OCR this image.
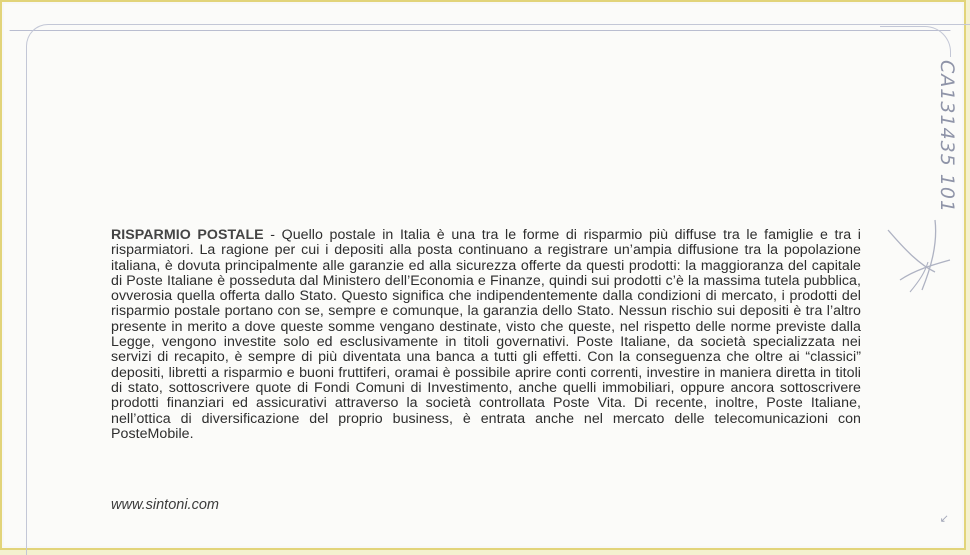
RISPARMIO POSTALE - Quello postale in Italia è una tra le forme di risparmio più diffuse tra le famiglie e tra i risparmiatori. La ragione per cui i depositi alla posta continuano a registrare un’ampia diffusione tra la popolazione italiana, è dovuta principalmente alle garanzie ed alla sicurezza offerte da questi prodotti: la maggioranza del capitale di Poste Italiane è posseduta dal Ministero dell’Economia e Finanze, quindi sui prodotti c’è la massima tutela pubblica, ovverosia quella offerta dallo Stato. Questo significa che indipendentemente dalla condizioni di mercato, i prodotti del risparmio postale portano con se, sempre e comunque, la garanzia dello Stato. Nessun rischio sui depositi è tra l’altro presente in merito a dove queste somme vengano destinate, visto che queste, nel rispetto delle norme previste dalla Legge, vengono investite solo ed esclusivamente in titoli governativi. Poste Italiane, da società specializzata nei servizi di recapito, è sempre di più diventata una banca a tutti gli effetti. Con la conseguenza che oltre ai “classici” depositi, libretti a risparmio e buoni fruttiferi, oramai è possibile aprire conti correnti, investire in maniera diretta in titoli di stato, sottoscrivere quote di Fondi Comuni di Investimento, anche quelli immobiliari, oppure ancora sottoscrivere prodotti finanziari ed assicurativi attraverso la società controllata Poste Vita. Di recente, inoltre, Poste Italiane, nell’ottica di diversificazione del proprio business, è entrata anche nel mercato delle telecomunicazioni con PosteMobile.
www.sintoni.com
CA131435 101
↘
